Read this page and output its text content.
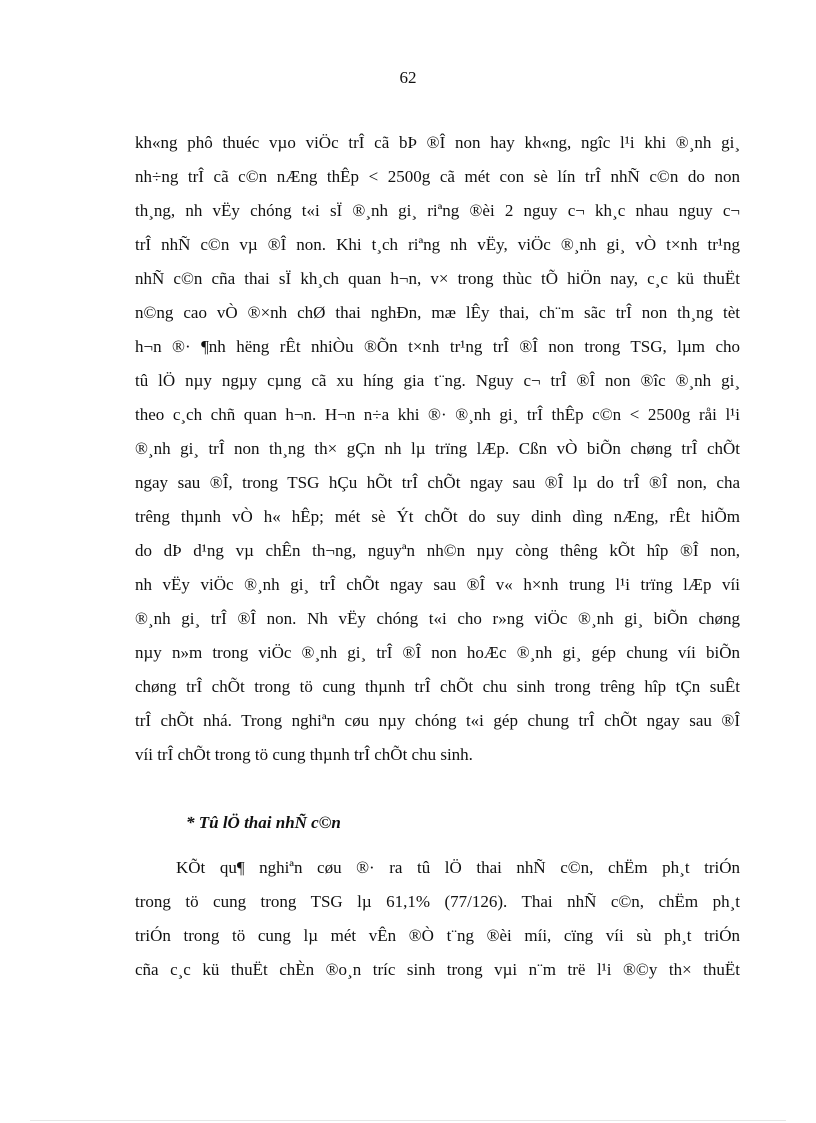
62
kh«ng phô thuéc vµo viÖc trÎ cã bÞ ®Î non hay kh«ng, ngîc l¹i khi ®¸nh gi¸
nh÷ng trÎ cã c©n nÆng thÊp < 2500g cã mét con sè lín trÎ nhÑ c©n do non
th¸ng, nh vËy chóng t«i sÏ ®¸nh gi¸ riªng ®èi 2 nguy c¬ kh¸c nhau nguy c¬
trÎ nhÑ c©n vµ ®Î non. Khi t¸ch riªng nh vËy, viÖc ®¸nh gi¸ vÒ t×nh tr¹ng
nhÑ c©n cña thai sÏ kh¸ch quan h¬n, v× trong thùc tÕ hiÖn nay, c¸c kü thuËt
n©ng cao vÒ ®×nh chØ thai nghÐn, mæ lÊy thai, ch¨m sãc trÎ non th¸ng tèt
h¬n ®· ¶nh hëng rÊt nhiÒu ®Õn t×nh tr¹ng trÎ ®Î non trong TSG, lµm cho
tû lÖ nµy ngµy cµng cã xu híng gia t¨ng. Nguy c¬ trÎ ®Î non ®îc ®¸nh gi¸
theo c¸ch chñ quan h¬n. H¬n n÷a khi ®· ®¸nh gi¸ trÎ thÊp c©n < 2500g råi l¹i
®¸nh gi¸ trÎ non th¸ng th× gÇn nh lµ trïng lÆp. Cßn vÒ biÕn chøng trÎ chÕt
ngay sau ®Î, trong TSG hÇu hÕt trÎ chÕt ngay sau ®Î lµ do trÎ ®Î non, cha
trêng thµnh vÒ h« hÊp; mét sè Ýt chÕt do suy dinh dìng nÆng, rÊt hiÕm
do dÞ d¹ng vµ chÊn th¬ng, nguyªn nh©n nµy còng thêng kÕt hîp ®Î non,
nh vËy viÖc ®¸nh gi¸ trÎ chÕt ngay sau ®Î v« h×nh trung l¹i trïng lÆp víi
®¸nh gi¸ trÎ ®Î non. Nh vËy chóng t«i cho r»ng viÖc ®¸nh gi¸ biÕn chøng
nµy n»m trong viÖc ®¸nh gi¸ trÎ ®Î non hoÆc ®¸nh gi¸ gép chung víi biÕn
chøng trÎ chÕt trong tö cung thµnh trÎ chÕt chu sinh trong trêng hîp tÇn suÊt
trÎ chÕt nhá. Trong nghiªn cøu nµy chóng t«i gép chung trÎ chÕt ngay sau ®Î
víi trÎ chÕt trong tö cung thµnh trÎ chÕt chu sinh.
* Tû lÖ thai nhÑ c©n
KÕt qu¶ nghiªn cøu ®· ra tû lÖ thai nhÑ c©n, chËm ph¸t triÓn
trong tö cung trong TSG lµ 61,1% (77/126). Thai nhÑ c©n, chËm ph¸t
triÓn trong tö cung lµ mét vÊn ®Ò t¨ng ®èi míi, cïng víi sù ph¸t triÓn
cña c¸c kü thuËt chÈn ®o¸n tríc sinh trong vµi n¨m trë l¹i ®©y th× thuËt
